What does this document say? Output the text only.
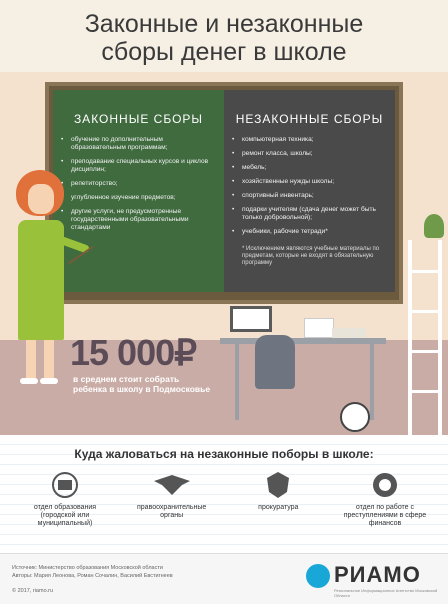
Законные и незаконные
сборы денег в школе
ЗАКОННЫЕ СБОРЫ
• обучение по дополнительным образовательным программам;
• преподавание специальных курсов и циклов дисциплин;
• репетиторство;
• углубленное изучение предметов;
• другие услуги, не предусмотренные государственными образовательными стандартами
НЕЗАКОННЫЕ СБОРЫ
• компьютерная техника;
• ремонт класса, школы;
• мебель;
• хозяйственные нужды школы;
• спортивный инвентарь;
• подарки учителям (сдача денег может быть только добровольной);
• учебники, рабочие тетради*
* Исключением являются учебные материалы по предметам, которые не входят в обязательную программу
15 000₽
в среднем стоит собрать ребенка в школу в Подмосковье
Куда жаловаться на незаконные поборы в школе:
отдел образования (городской или муниципальный)
правоохранительные органы
прокуратура	отдел по работе с преступлениями в сфере финансов
Источник: Министерство образования Московской области
Авторы: Мария Леонова, Роман Сочалин, Василий Евстигнеев
© 2017, riamo.ru
РИАМО
Региональное Информационное Агентство Московской Области
